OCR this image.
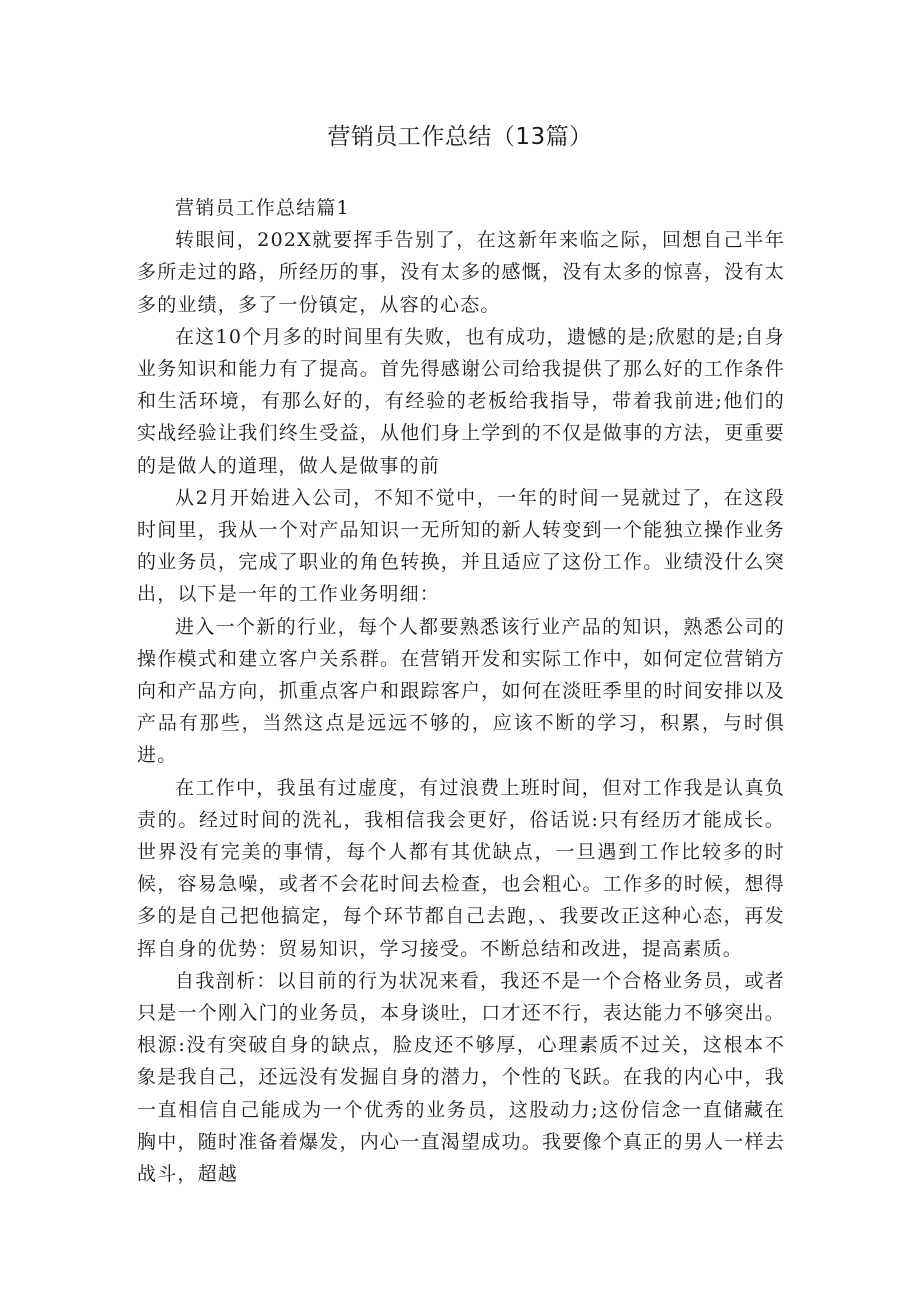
营销员工作总结（13篇）

营销员工作总结篇1

转眼间，202X就要挥手告别了，在这新年来临之际，回想自己半年多所走过的路，所经历的事，没有太多的感慨，没有太多的惊喜，没有太多的业绩，多了一份镇定，从容的心态。

在这10个月多的时间里有失败，也有成功，遗憾的是;欣慰的是;自身业务知识和能力有了提高。首先得感谢公司给我提供了那么好的工作条件和生活环境，有那么好的，有经验的老板给我指导，带着我前进;他们的实战经验让我们终生受益，从他们身上学到的不仅是做事的方法，更重要的是做人的道理，做人是做事的前

从2月开始进入公司，不知不觉中，一年的时间一晃就过了，在这段时间里，我从一个对产品知识一无所知的新人转变到一个能独立操作业务的业务员，完成了职业的角色转换，并且适应了这份工作。业绩没什么突出，以下是一年的工作业务明细：

进入一个新的行业，每个人都要熟悉该行业产品的知识，熟悉公司的操作模式和建立客户关系群。在营销开发和实际工作中，如何定位营销方向和产品方向，抓重点客户和跟踪客户，如何在淡旺季里的时间安排以及产品有那些，当然这点是远远不够的，应该不断的学习，积累，与时俱进。

在工作中，我虽有过虚度，有过浪费上班时间，但对工作我是认真负责的。经过时间的洗礼，我相信我会更好，俗话说:只有经历才能成长。世界没有完美的事情，每个人都有其优缺点，一旦遇到工作比较多的时候，容易急噪，或者不会花时间去检查，也会粗心。工作多的时候，想得多的是自己把他搞定，每个环节都自己去跑，、我要改正这种心态，再发挥自身的优势：贸易知识，学习接受。不断总结和改进，提高素质。

自我剖析：以目前的行为状况来看，我还不是一个合格业务员，或者只是一个刚入门的业务员，本身谈吐，口才还不行，表达能力不够突出。根源:没有突破自身的缺点，脸皮还不够厚，心理素质不过关，这根本不象是我自己，还远没有发掘自身的潜力，个性的飞跃。在我的内心中，我一直相信自己能成为一个优秀的业务员，这股动力;这份信念一直储藏在胸中，随时准备着爆发，内心一直渴望成功。我要像个真正的男人一样去战斗，超越
